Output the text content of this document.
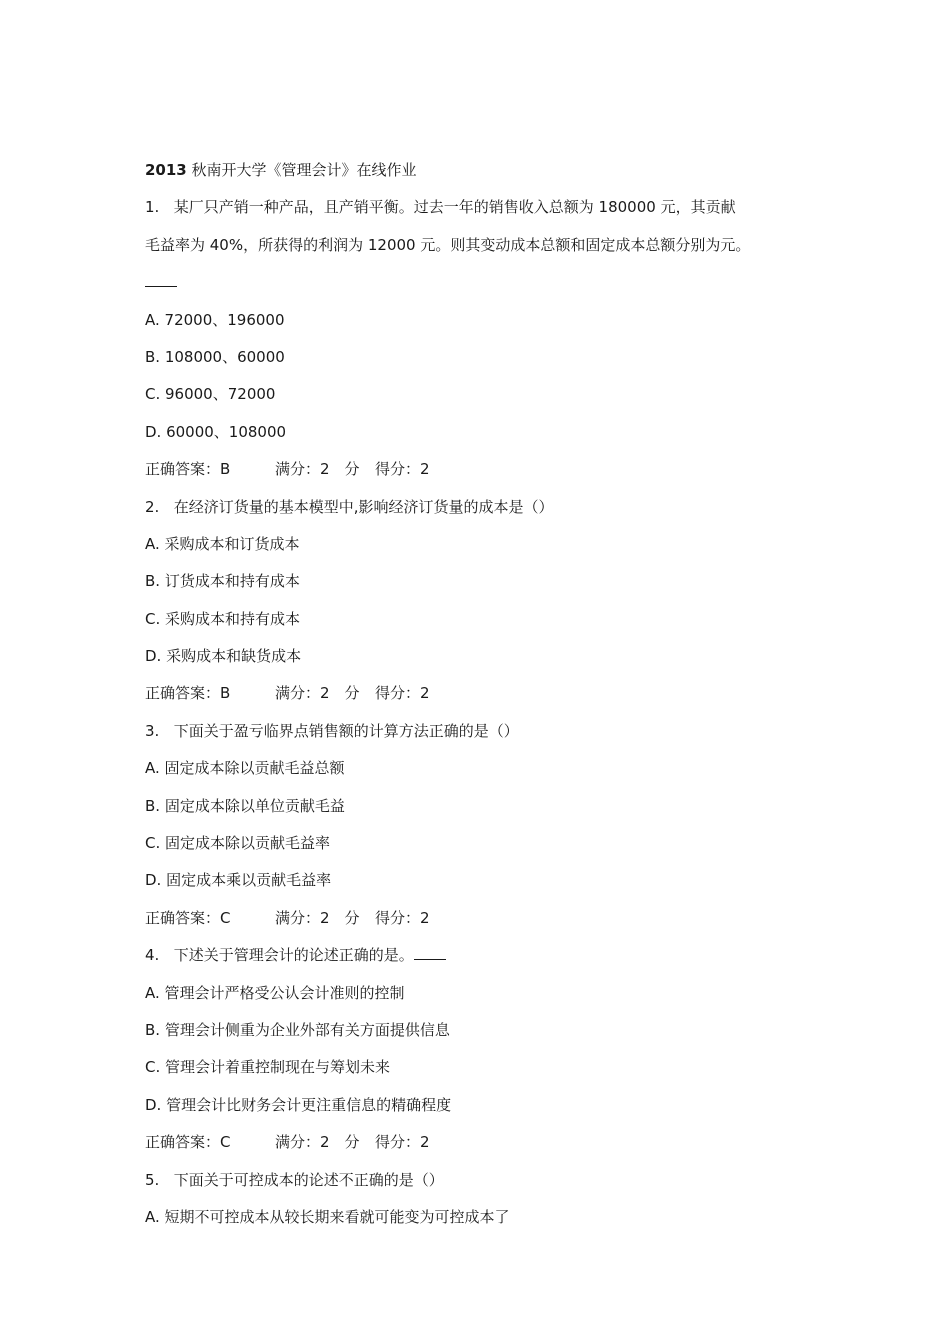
2013 秋南开大学《管理会计》在线作业
1. 某厂只产销一种产品，且产销平衡。过去一年的销售收入总额为 180000 元，其贡献
毛益率为 40%，所获得的利润为 12000 元。则其变动成本总额和固定成本总额分别为元。
A. 72000、196000
B. 108000、60000
C. 96000、72000
D. 60000、108000
正确答案：B	满分：2　分 得分：2
2. 在经济订货量的基本模型中,影响经济订货量的成本是（）
A. 采购成本和订货成本
B. 订货成本和持有成本
C. 采购成本和持有成本
D. 采购成本和缺货成本
正确答案：B	满分：2　分 得分：2
3. 下面关于盈亏临界点销售额的计算方法正确的是（）
A. 固定成本除以贡献毛益总额
B. 固定成本除以单位贡献毛益
C. 固定成本除以贡献毛益率
D. 固定成本乘以贡献毛益率
正确答案：C	满分：2　分 得分：2
4. 下述关于管理会计的论述正确的是。
A. 管理会计严格受公认会计准则的控制
B. 管理会计侧重为企业外部有关方面提供信息
C. 管理会计着重控制现在与筹划未来
D. 管理会计比财务会计更注重信息的精确程度
正确答案：C	满分：2　分 得分：2
5. 下面关于可控成本的论述不正确的是（）
A. 短期不可控成本从较长期来看就可能变为可控成本了
